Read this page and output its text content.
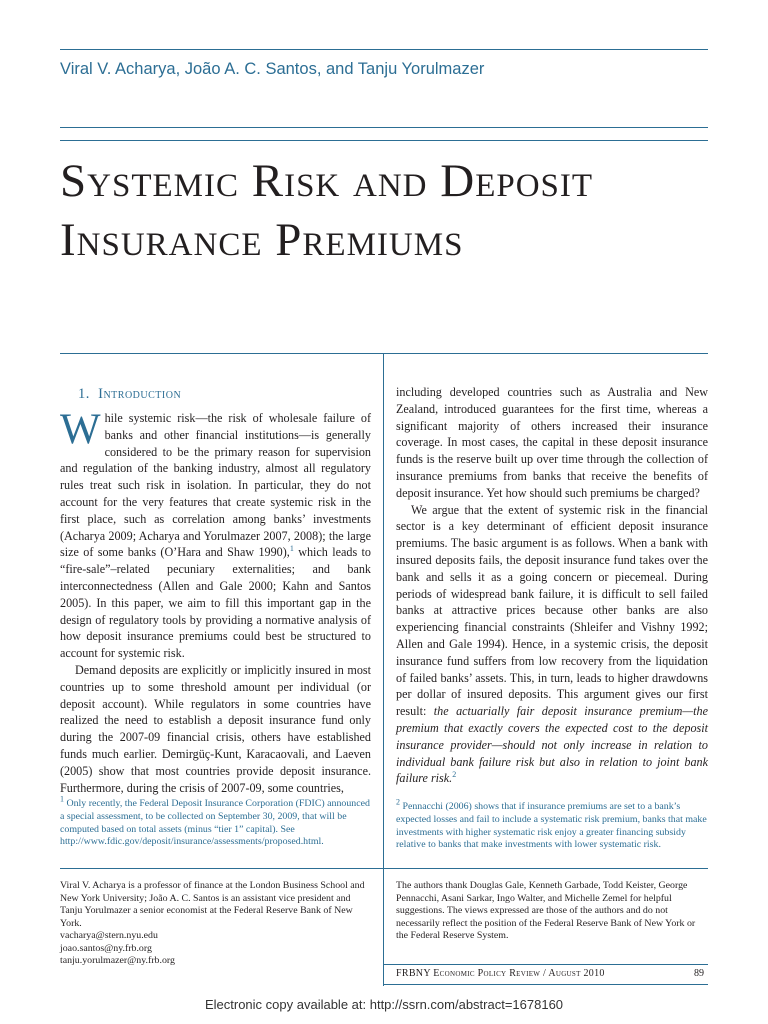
Viral V. Acharya, João A. C. Santos, and Tanju Yorulmazer
Systemic Risk and Deposit
Insurance Premiums
1. Introduction

While systemic risk—the risk of wholesale failure of banks and other financial institutions—is generally considered to be the primary reason for supervision and regulation of the banking industry, almost all regulatory rules treat such risk in isolation. In particular, they do not account for the very features that create systemic risk in the first place, such as correlation among banks’ investments (Acharya 2009; Acharya and Yorulmazer 2007, 2008); the large size of some banks (O’Hara and Shaw 1990),$^1$ which leads to “fire-sale”–related pecuniary externalities; and bank interconnectedness (Allen and Gale 2000; Kahn and Santos 2005). In this paper, we aim to fill this important gap in the design of regulatory tools by providing a normative analysis of how deposit insurance premiums could best be structured to account for systemic risk.

Demand deposits are explicitly or implicitly insured in most countries up to some threshold amount per individual (or deposit account). While regulators in some countries have realized the need to establish a deposit insurance fund only during the 2007-09 financial crisis, others have established funds much earlier. Demirgüç-Kunt, Karacaovali, and Laeven (2005) show that most countries provide deposit insurance. Furthermore, during the crisis of 2007-09, some countries,

including developed countries such as Australia and New Zealand, introduced guarantees for the first time, whereas a significant majority of others increased their insurance coverage. In most cases, the capital in these deposit insurance funds is the reserve built up over time through the collection of insurance premiums from banks that receive the benefits of deposit insurance. Yet how should such premiums be charged?

We argue that the extent of systemic risk in the financial sector is a key determinant of efficient deposit insurance premiums. The basic argument is as follows. When a bank with insured deposits fails, the deposit insurance fund takes over the bank and sells it as a going concern or piecemeal. During periods of widespread bank failure, it is difficult to sell failed banks at attractive prices because other banks are also experiencing financial constraints (Shleifer and Vishny 1992; Allen and Gale 1994). Hence, in a systemic crisis, the deposit insurance fund suffers from low recovery from the liquidation of failed banks’ assets. This, in turn, leads to higher drawdowns per dollar of insured deposits. This argument gives our first result: the actuarially fair deposit insurance premium—the premium that exactly covers the expected cost to the deposit insurance provider—should not only increase in relation to individual bank failure risk but also in relation to joint bank failure risk.$^2$

$^1$ Only recently, the Federal Deposit Insurance Corporation (FDIC) announced a special assessment, to be collected on September 30, 2009, that will be computed based on total assets (minus “tier 1” capital). See http://www.fdic.gov/deposit/insurance/assessments/proposed.html.
$^2$ Pennacchi (2006) shows that if insurance premiums are set to a bank’s expected losses and fail to include a systematic risk premium, banks that make investments with higher systematic risk enjoy a greater financing subsidy relative to banks that make investments with lower systematic risk.
Viral V. Acharya is a professor of finance at the London Business School and New York University; João A. C. Santos is an assistant vice president and Tanju Yorulmazer a senior economist at the Federal Reserve Bank of New York.
vacharya@stern.nyu.edu
joao.santos@ny.frb.org
tanju.yorulmazer@ny.frb.org
The authors thank Douglas Gale, Kenneth Garbade, Todd Keister, George Pennacchi, Asani Sarkar, Ingo Walter, and Michelle Zemel for helpful suggestions. The views expressed are those of the authors and do not necessarily reflect the position of the Federal Reserve Bank of New York or the Federal Reserve System.
FRBNY Economic Policy Review / August 2010	89
Electronic copy available at: http://ssrn.com/abstract=1678160
